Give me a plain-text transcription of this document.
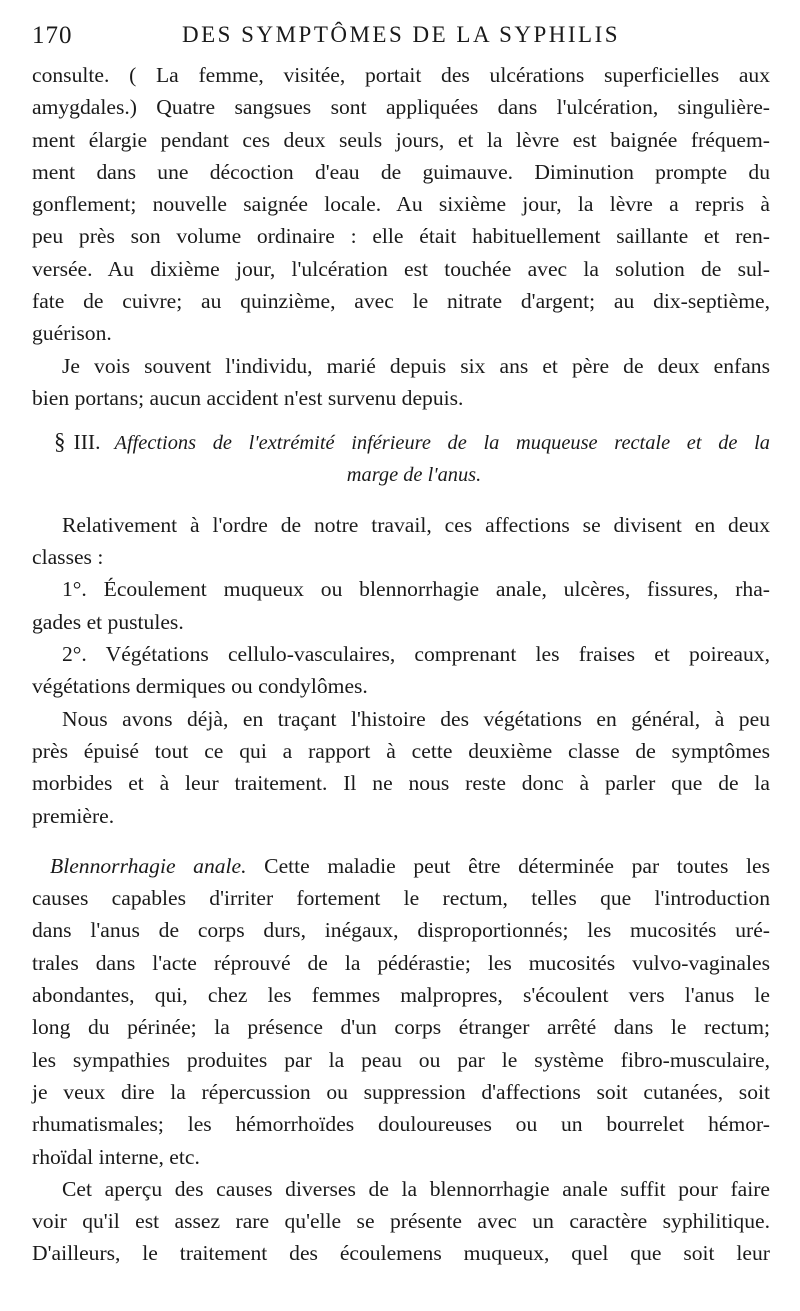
170	DES SYMPTÔMES DE LA SYPHILIS
consulte. ( La femme, visitée, portait des ulcérations superficielles aux
amygdales.) Quatre sangsues sont appliquées dans l'ulcération, singulière-
ment élargie pendant ces deux seuls jours, et la lèvre est baignée fréquem-
ment dans une décoction d'eau de guimauve. Diminution prompte du
gonflement; nouvelle saignée locale. Au sixième jour, la lèvre a repris à
peu près son volume ordinaire : elle était habituellement saillante et ren-
versée. Au dixième jour, l'ulcération est touchée avec la solution de sul-
fate de cuivre; au quinzième, avec le nitrate d'argent; au dix-septième,
guérison.
Je vois souvent l'individu, marié depuis six ans et père de deux enfans
bien portans; aucun accident n'est survenu depuis.
§ III. Affections de l'extrémité inférieure de la muqueuse rectale et de la
marge de l'anus.
Relativement à l'ordre de notre travail, ces affections se divisent en deux
classes :
1°. Écoulement muqueux ou blennorrhagie anale, ulcères, fissures, rha-
gades et pustules.
2°. Végétations cellulo-vasculaires, comprenant les fraises et poireaux,
végétations dermiques ou condylômes.
Nous avons déjà, en traçant l'histoire des végétations en général, à peu
près épuisé tout ce qui a rapport à cette deuxième classe de symptômes
morbides et à leur traitement. Il ne nous reste donc à parler que de la
première.
Blennorrhagie anale. Cette maladie peut être déterminée par toutes les
causes capables d'irriter fortement le rectum, telles que l'introduction
dans l'anus de corps durs, inégaux, disproportionnés; les mucosités uré-
trales dans l'acte réprouvé de la pédérastie; les mucosités vulvo-vaginales
abondantes, qui, chez les femmes malpropres, s'écoulent vers l'anus le
long du périnée; la présence d'un corps étranger arrêté dans le rectum;
les sympathies produites par la peau ou par le système fibro-musculaire,
je veux dire la répercussion ou suppression d'affections soit cutanées, soit
rhumatismales; les hémorrhoïdes douloureuses ou un bourrelet hémor-
rhoïdal interne, etc.
Cet aperçu des causes diverses de la blennorrhagie anale suffit pour faire
voir qu'il est assez rare qu'elle se présente avec un caractère syphilitique.
D'ailleurs, le traitement des écoulemens muqueux, quel que soit leur
